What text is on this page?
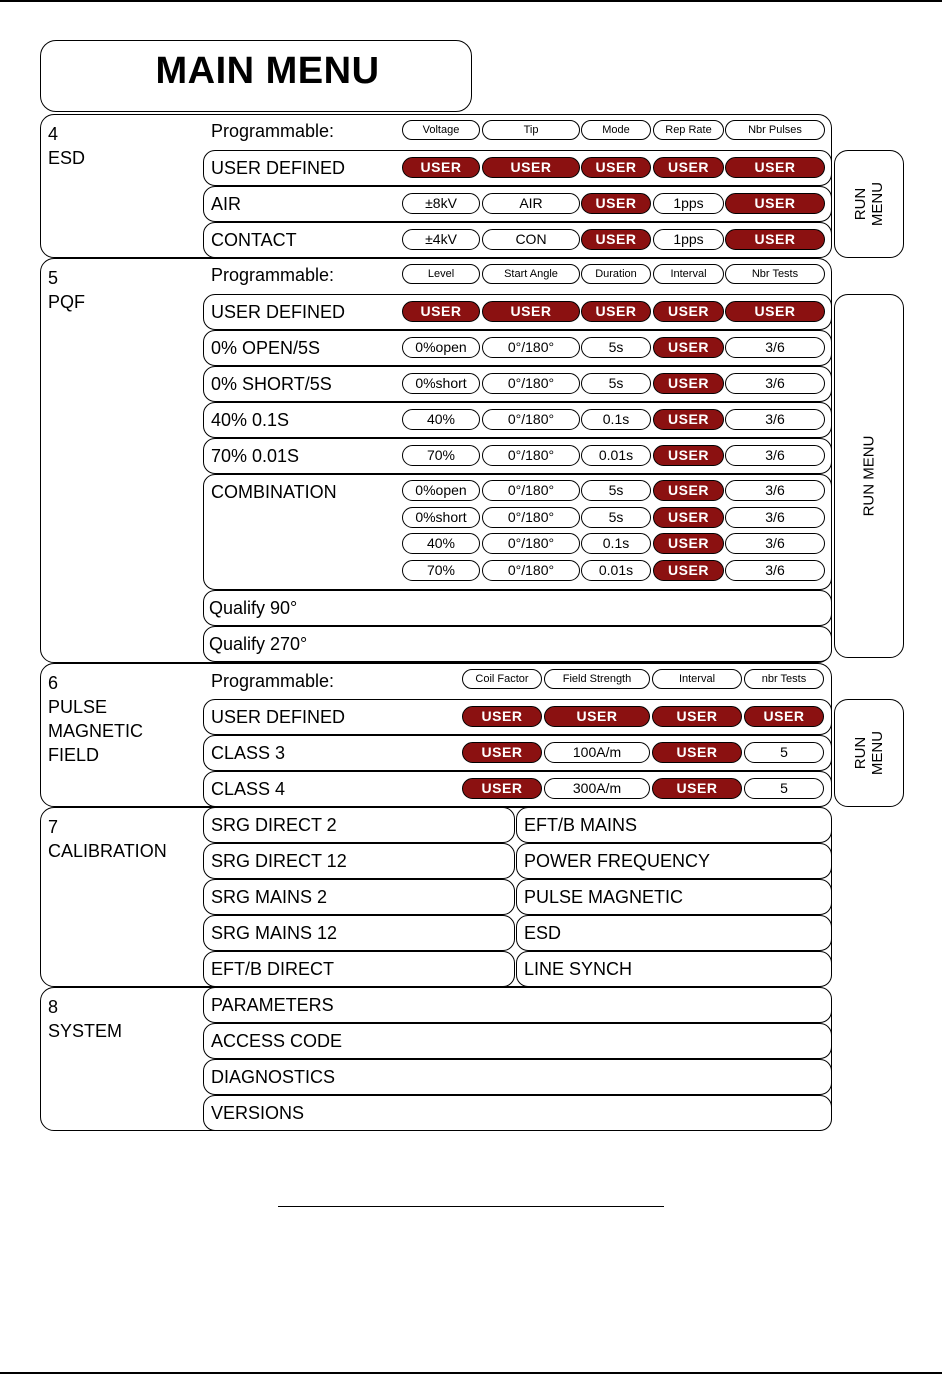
MAIN MENU
4
ESD
5
PQF
6
PULSE
MAGNETIC
FIELD
7
CALIBRATION
8
SYSTEM
Programmable:
Programmable:
Programmable:
Voltage	Tip	Mode	Rep Rate	Nbr Pulses
USER DEFINED	USER	USER	USER	USER	USER
AIR	±8kV	AIR	USER	1pps	USER
CONTACT	±4kV	CON	USER	1pps	USER
Level	Start Angle	Duration	Interval	Nbr Tests
USER DEFINED	USER	USER	USER	USER	USER
0% OPEN/5S	0%open	0°/180°	5s	USER	3/6
0% SHORT/5S	0%short	0°/180°	5s	USER	3/6
40% 0.1S	40%	0°/180°	0.1s	USER	3/6
70% 0.01S	70%	0°/180°	0.01s	USER	3/6
COMBINATION	0%open	0°/180°	5s	USER	3/6
0%short	0°/180°	5s	USER	3/6
40%	0°/180°	0.1s	USER	3/6
70%	0°/180°	0.01s	USER	3/6
Qualify 90°
Qualify 270°
Coil Factor	Field Strength	Interval	nbr Tests
USER DEFINED	USER	USER	USER	USER
CLASS 3	USER	100A/m	USER	5
CLASS 4	USER	300A/m	USER	5
SRG DIRECT 2
SRG DIRECT 12
SRG MAINS 2
SRG MAINS 12
EFT/B DIRECT
EFT/B MAINS
POWER FREQUENCY
PULSE MAGNETIC
ESD
LINE SYNCH
PARAMETERS
ACCESS CODE
DIAGNOSTICS
VERSIONS
RUN
MENU
RUN MENU
RUN
MENU
